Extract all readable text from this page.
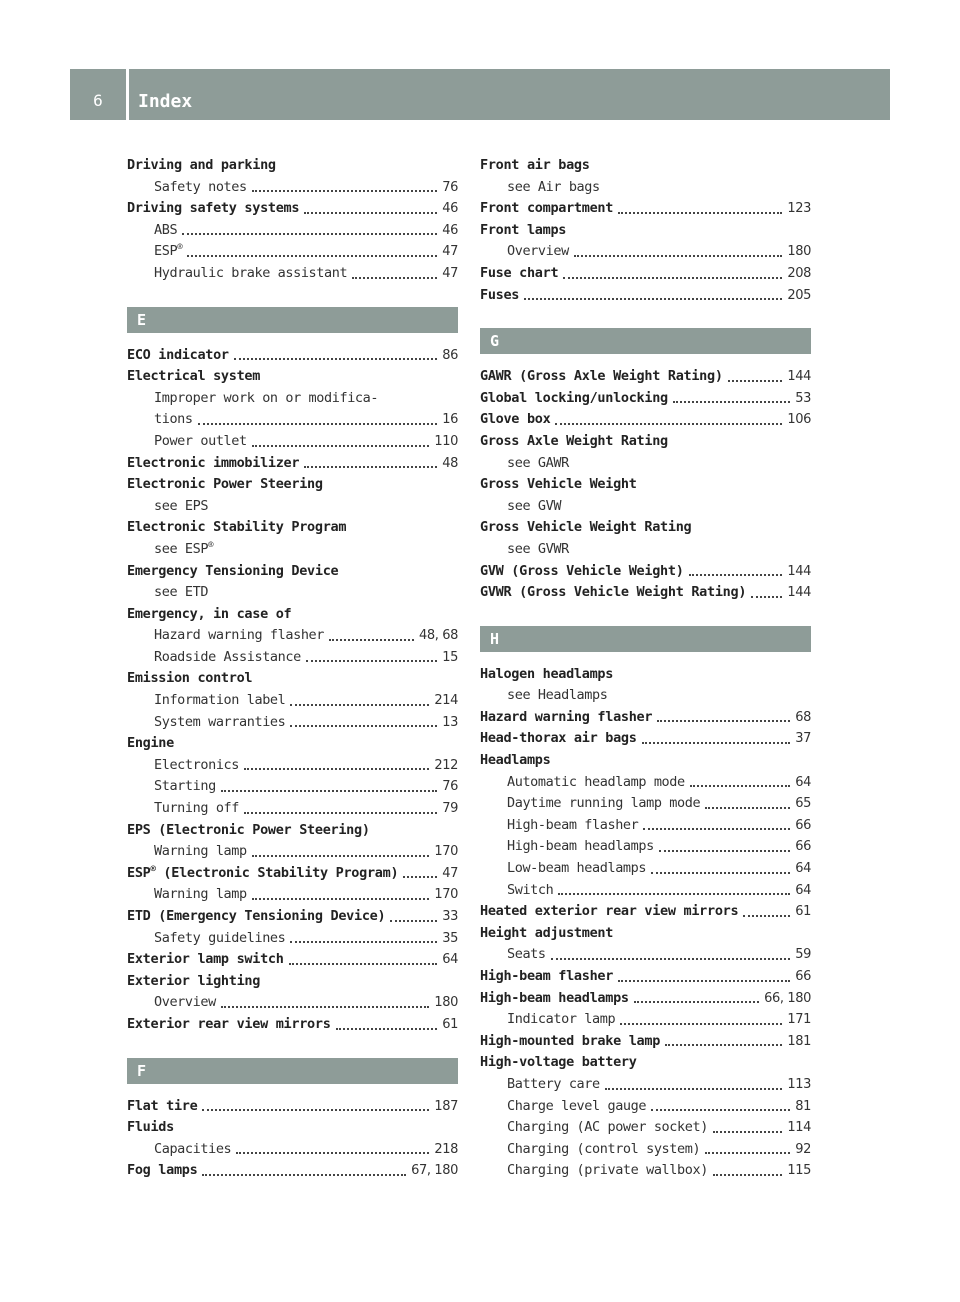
6	Index
Driving and parking
Safety notes	76
Driving safety systems	46
ABS	46
ESP®	47
Hydraulic brake assistant	47
E
ECO indicator	86
Electrical system
Improper work on or modifica-
tions	16
Power outlet	110
Electronic immobilizer	48
Electronic Power Steering
see EPS
Electronic Stability Program
see ESP®
Emergency Tensioning Device
see ETD
Emergency, in case of
Hazard warning flasher	48, 68
Roadside Assistance	15
Emission control
Information label	214
System warranties	13
Engine
Electronics	212
Starting	76
Turning off	79
EPS (Electronic Power Steering)
Warning lamp	170
ESP® (Electronic Stability Program)	47
Warning lamp	170
ETD (Emergency Tensioning Device)	33
Safety guidelines	35
Exterior lamp switch	64
Exterior lighting
Overview	180
Exterior rear view mirrors	61
F
Flat tire	187
Fluids
Capacities	218
Fog lamps	67, 180
Front air bags
see Air bags
Front compartment	123
Front lamps
Overview	180
Fuse chart	208
Fuses	205
G
GAWR (Gross Axle Weight Rating)	144
Global locking/unlocking	53
Glove box	106
Gross Axle Weight Rating
see GAWR
Gross Vehicle Weight
see GVW
Gross Vehicle Weight Rating
see GVWR
GVW (Gross Vehicle Weight)	144
GVWR (Gross Vehicle Weight Rating)	144
H
Halogen headlamps
see Headlamps
Hazard warning flasher	68
Head-thorax air bags	37
Headlamps
Automatic headlamp mode	64
Daytime running lamp mode	65
High-beam flasher	66
High-beam headlamps	66
Low-beam headlamps	64
Switch	64
Heated exterior rear view mirrors	61
Height adjustment
Seats	59
High-beam flasher	66
High-beam headlamps	66, 180
Indicator lamp	171
High-mounted brake lamp	181
High-voltage battery
Battery care	113
Charge level gauge	81
Charging (AC power socket)	114
Charging (control system)	92
Charging (private wallbox)	115
